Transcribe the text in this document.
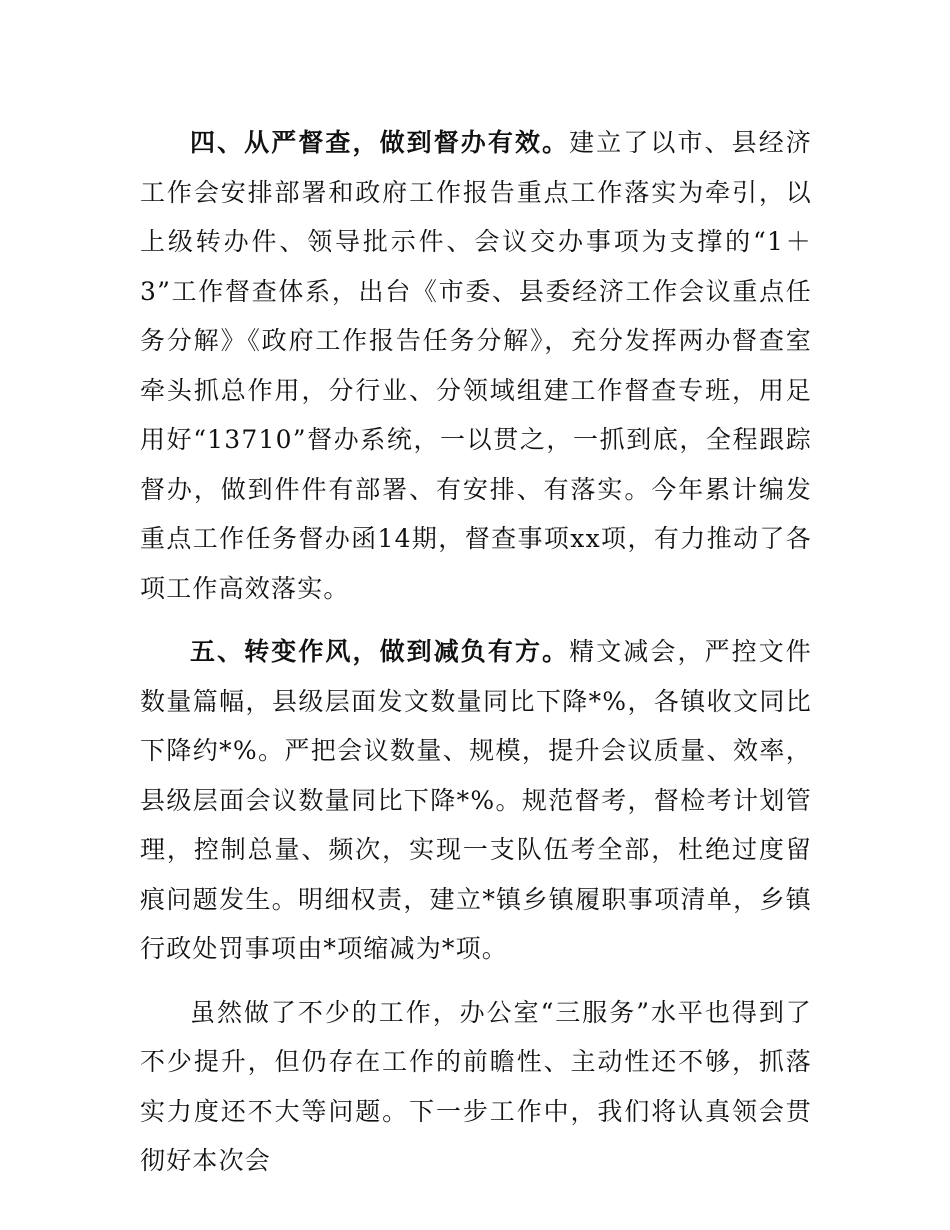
四、从严督查，做到督办有效。建立了以市、县经济工作会安排部署和政府工作报告重点工作落实为牵引，以上级转办件、领导批示件、会议交办事项为支撑的“1＋3”工作督查体系，出台《市委、县委经济工作会议重点任务分解》《政府工作报告任务分解》，充分发挥两办督查室牵头抓总作用，分行业、分领域组建工作督查专班，用足用好“13710”督办系统，一以贯之，一抓到底，全程跟踪督办，做到件件有部署、有安排、有落实。今年累计编发重点工作任务督办函14期，督查事项xx项，有力推动了各项工作高效落实。

五、转变作风，做到减负有方。精文减会，严控文件数量篇幅，县级层面发文数量同比下降*%，各镇收文同比下降约*%。严把会议数量、规模，提升会议质量、效率，县级层面会议数量同比下降*%。规范督考，督检考计划管理，控制总量、频次，实现一支队伍考全部，杜绝过度留痕问题发生。明细权责，建立*镇乡镇履职事项清单，乡镇行政处罚事项由*项缩减为*项。

虽然做了不少的工作，办公室“三服务”水平也得到了不少提升，但仍存在工作的前瞻性、主动性还不够，抓落实力度还不大等问题。下一步工作中，我们将认真领会贯彻好本次会
